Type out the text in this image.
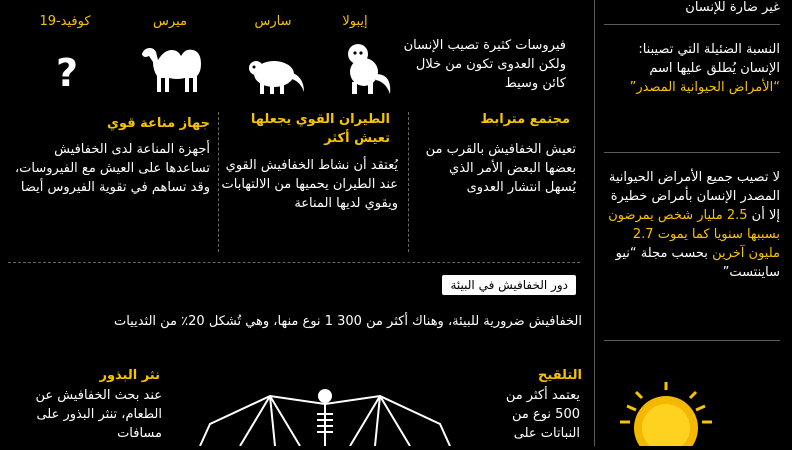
كوفيد-19	ميرس	سارس	إيبولا
?
فيروسات كثيرة تصيب الإنسان ولكن العدوى تكون من خلال كائن وسيط
جهاز مناعة قوي
أجهزة المناعة لدى الخفافيش تساعدها على العيش مع الفيروسات، وقد تساهم في تقوية الفيروس أيضا
الطيران القوي يجعلها تعيش أكثر
يُعتقد أن نشاط الخفافيش القوي عند الطيران يحميها من الالتهابات ويقوي لديها المناعة
مجتمع مترابط
تعيش الخفافيش بالقرب من بعضها البعض الأمر الذي يُسهل انتشار العدوى
دور الخفافيش في البيئة
الخفافيش ضرورية للبيئة، وهناك أكثر من 300 1 نوع منها، وهي تُشكل 20٪ من الثدييات
نثر البذور
عند بحث الخفافيش عن الطعام، تنثر البذور على مسافات
التلقيح
يعتمد أكثر من 500 نوع من النباتات على
غير ضارة للإنسان
النسبة الضئيلة التي تصيبنا: الإنسان يُطلق عليها اسم “الأمراض الحيوانية المصدر”
لا تصيب جميع الأمراض الحيوانية المصدر الإنسان بأمراض خطيرة إلا أن 2.5 مليار شخص يمرضون بسببها سنويا كما يموت 2.7 مليون آخرين بحسب مجلة “نيو ساينتست”
